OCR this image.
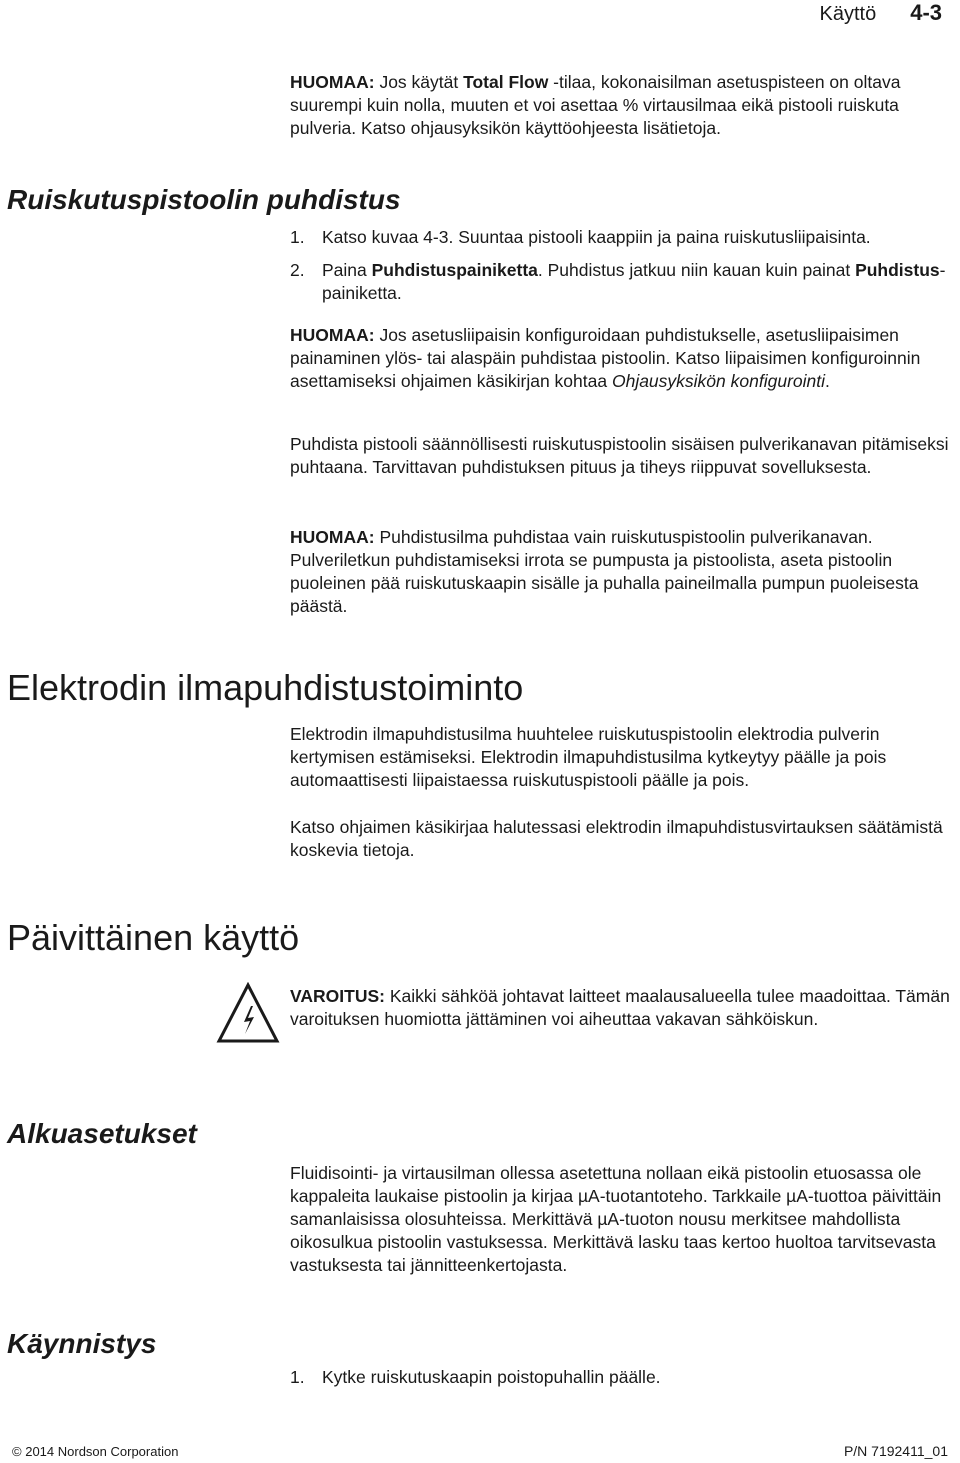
Käyttö 4-3
HUOMAA: Jos käytät Total Flow -tilaa, kokonaisilman asetuspisteen on oltava suurempi kuin nolla, muuten et voi asettaa % virtausilmaa eikä pistooli ruiskuta pulveria. Katso ohjausyksikön käyttöohjeesta lisätietoja.
Ruiskutuspistoolin puhdistus
1. Katso kuvaa 4-3. Suuntaa pistooli kaappiin ja paina ruiskutusliipaisinta.
2. Paina Puhdistuspainiketta. Puhdistus jatkuu niin kauan kuin painat Puhdistus-painiketta.
HUOMAA: Jos asetusliipaisin konfiguroidaan puhdistukselle, asetusliipaisimen painaminen ylös- tai alaspäin puhdistaa pistoolin. Katso liipaisimen konfiguroinnin asettamiseksi ohjaimen käsikirjan kohtaa Ohjausyksikön konfigurointi.
Puhdista pistooli säännöllisesti ruiskutuspistoolin sisäisen pulverikanavan pitämiseksi puhtaana. Tarvittavan puhdistuksen pituus ja tiheys riippuvat sovelluksesta.
HUOMAA: Puhdistusilma puhdistaa vain ruiskutuspistoolin pulverikanavan. Pulveriletkun puhdistamiseksi irrota se pumpusta ja pistoolista, aseta pistoolin puoleinen pää ruiskutuskaapin sisälle ja puhalla paineilmalla pumpun puoleisesta päästä.
Elektrodin ilmapuhdistustoiminto
Elektrodin ilmapuhdistusilma huuhtelee ruiskutuspistoolin elektrodia pulverin kertymisen estämiseksi. Elektrodin ilmapuhdistusilma kytkeytyy päälle ja pois automaattisesti liipaistaessa ruiskutuspistooli päälle ja pois.
Katso ohjaimen käsikirjaa halutessasi elektrodin ilmapuhdistusvirtauksen säätämistä koskevia tietoja.
Päivittäinen käyttö
VAROITUS: Kaikki sähköä johtavat laitteet maalausalueella tulee maadoittaa. Tämän varoituksen huomiotta jättäminen voi aiheuttaa vakavan sähköiskun.
Alkuasetukset
Fluidisointi- ja virtausilman ollessa asetettuna nollaan eikä pistoolin etuosassa ole kappaleita laukaise pistoolin ja kirjaa µA-tuotantoteho. Tarkkaile µA-tuottoa päivittäin samanlaisissa olosuhteissa. Merkittävä µA-tuoton nousu merkitsee mahdollista oikosulkua pistoolin vastuksessa. Merkittävä lasku taas kertoo huoltoa tarvitsevasta vastuksesta tai jännitteenkertojasta.
Käynnistys
1. Kytke ruiskutuskaapin poistopuhallin päälle.
© 2014 Nordson Corporation	P/N 7192411_01
